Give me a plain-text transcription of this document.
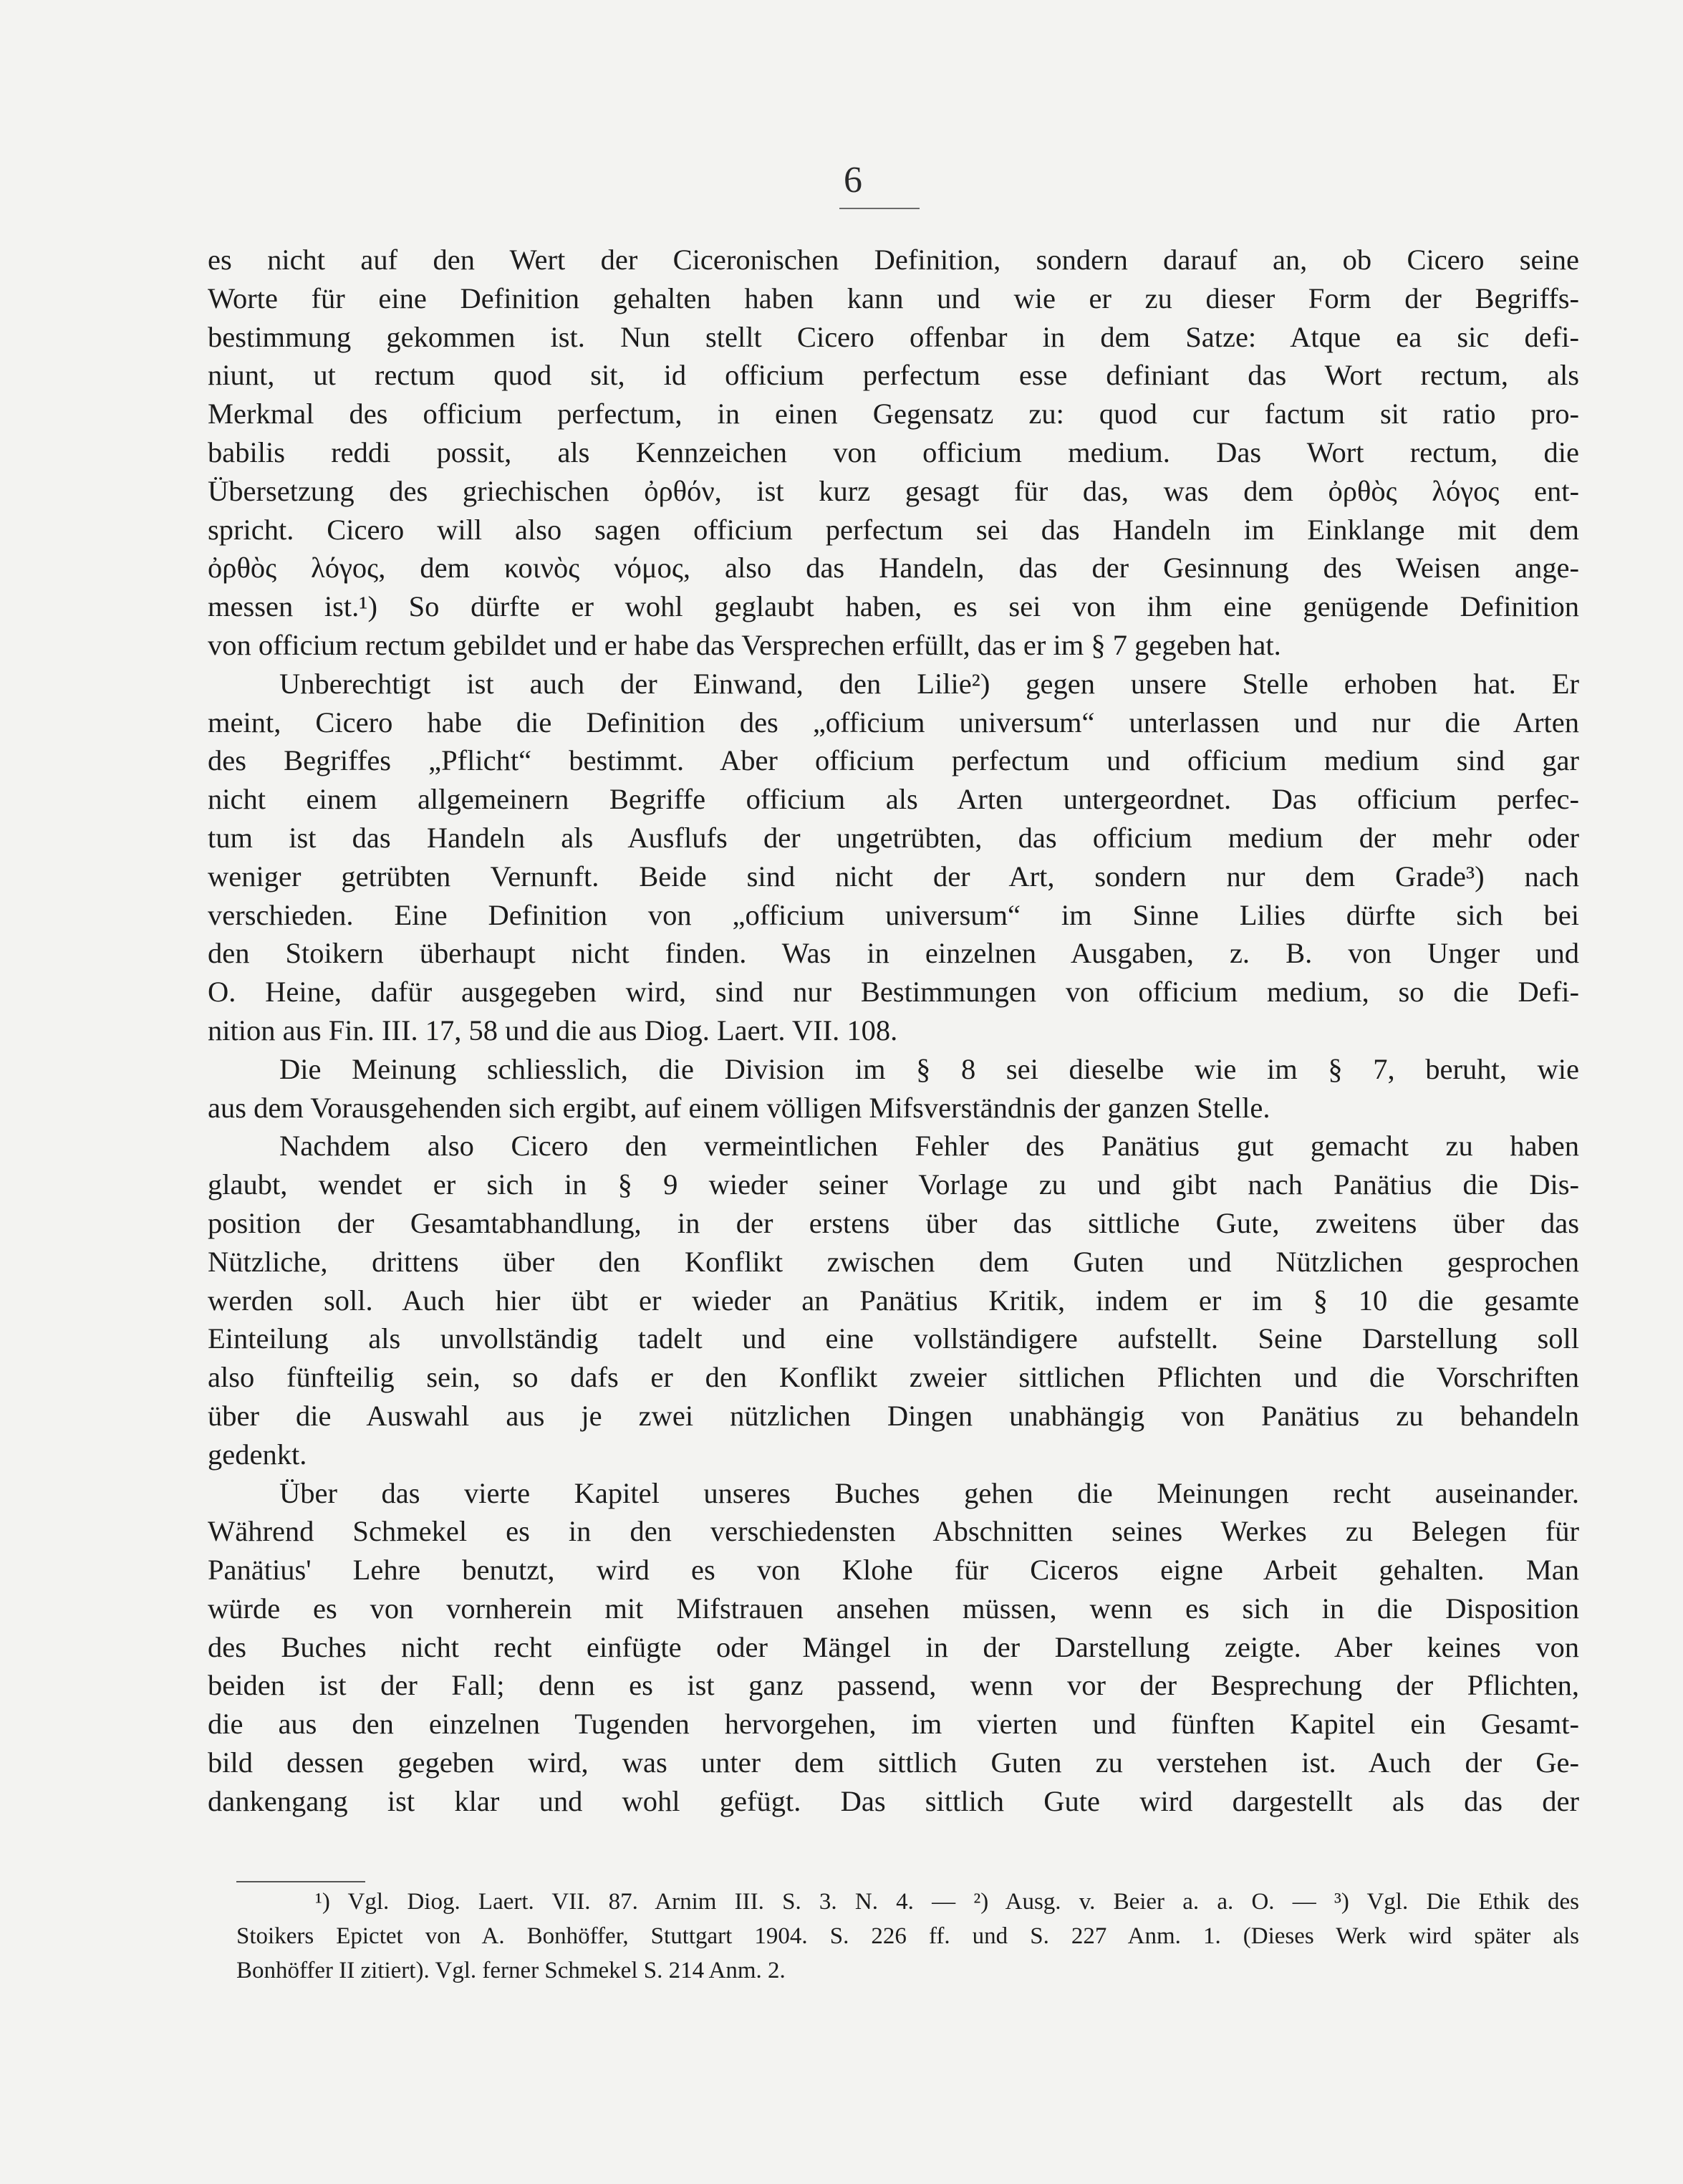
6
es nicht auf den Wert der Ciceronischen Definition, sondern darauf an, ob Cicero seine
Worte für eine Definition gehalten haben kann und wie er zu dieser Form der Begriffs-
bestimmung gekommen ist. Nun stellt Cicero offenbar in dem Satze: Atque ea sic defi-
niunt, ut rectum quod sit, id officium perfectum esse definiant das Wort rectum, als
Merkmal des officium perfectum, in einen Gegensatz zu: quod cur factum sit ratio pro-
babilis reddi possit, als Kennzeichen von officium medium. Das Wort rectum, die
Übersetzung des griechischen ὀρθόν, ist kurz gesagt für das, was dem ὀρθὸς λόγος ent-
spricht. Cicero will also sagen officium perfectum sei das Handeln im Einklange mit dem
ὀρθὸς λόγος, dem κοινὸς νόμος, also das Handeln, das der Gesinnung des Weisen ange-
messen ist.¹) So dürfte er wohl geglaubt haben, es sei von ihm eine genügende Definition
von officium rectum gebildet und er habe das Versprechen erfüllt, das er im § 7 gegeben hat.
Unberechtigt ist auch der Einwand, den Lilie²) gegen unsere Stelle erhoben hat. Er
meint, Cicero habe die Definition des „officium universum“ unterlassen und nur die Arten
des Begriffes „Pflicht“ bestimmt. Aber officium perfectum und officium medium sind gar
nicht einem allgemeinern Begriffe officium als Arten untergeordnet. Das officium perfec-
tum ist das Handeln als Ausflufs der ungetrübten, das officium medium der mehr oder
weniger getrübten Vernunft. Beide sind nicht der Art, sondern nur dem Grade³) nach
verschieden. Eine Definition von „officium universum“ im Sinne Lilies dürfte sich bei
den Stoikern überhaupt nicht finden. Was in einzelnen Ausgaben, z. B. von Unger und
O. Heine, dafür ausgegeben wird, sind nur Bestimmungen von officium medium, so die Defi-
nition aus Fin. III. 17, 58 und die aus Diog. Laert. VII. 108.
Die Meinung schliesslich, die Division im § 8 sei dieselbe wie im § 7, beruht, wie
aus dem Vorausgehenden sich ergibt, auf einem völligen Mifsverständnis der ganzen Stelle.
Nachdem also Cicero den vermeintlichen Fehler des Panätius gut gemacht zu haben
glaubt, wendet er sich in § 9 wieder seiner Vorlage zu und gibt nach Panätius die Dis-
position der Gesamtabhandlung, in der erstens über das sittliche Gute, zweitens über das
Nützliche, drittens über den Konflikt zwischen dem Guten und Nützlichen gesprochen
werden soll. Auch hier übt er wieder an Panätius Kritik, indem er im § 10 die gesamte
Einteilung als unvollständig tadelt und eine vollständigere aufstellt. Seine Darstellung soll
also fünfteilig sein, so dafs er den Konflikt zweier sittlichen Pflichten und die Vorschriften
über die Auswahl aus je zwei nützlichen Dingen unabhängig von Panätius zu behandeln
gedenkt.
Über das vierte Kapitel unseres Buches gehen die Meinungen recht auseinander.
Während Schmekel es in den verschiedensten Abschnitten seines Werkes zu Belegen für
Panätius' Lehre benutzt, wird es von Klohe für Ciceros eigne Arbeit gehalten. Man
würde es von vornherein mit Mifstrauen ansehen müssen, wenn es sich in die Disposition
des Buches nicht recht einfügte oder Mängel in der Darstellung zeigte. Aber keines von
beiden ist der Fall; denn es ist ganz passend, wenn vor der Besprechung der Pflichten,
die aus den einzelnen Tugenden hervorgehen, im vierten und fünften Kapitel ein Gesamt-
bild dessen gegeben wird, was unter dem sittlich Guten zu verstehen ist. Auch der Ge-
dankengang ist klar und wohl gefügt. Das sittlich Gute wird dargestellt als das der
¹) Vgl. Diog. Laert. VII. 87. Arnim III. S. 3. N. 4. — ²) Ausg. v. Beier a. a. O. — ³) Vgl. Die Ethik des
Stoikers Epictet von A. Bonhöffer, Stuttgart 1904. S. 226 ff. und S. 227 Anm. 1. (Dieses Werk wird später als
Bonhöffer II zitiert). Vgl. ferner Schmekel S. 214 Anm. 2.
